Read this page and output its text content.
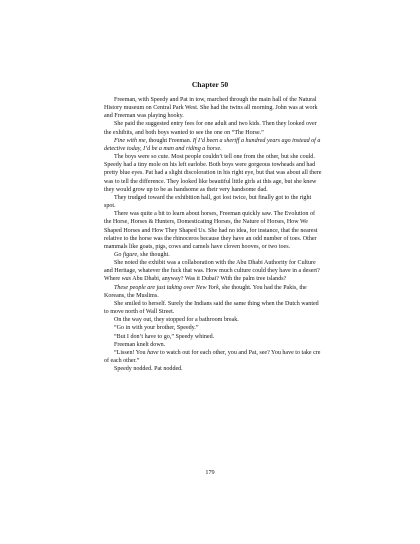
Chapter 50

Freeman, with Speedy and Pat in tow, marched through the main hall of the Natural History museum on Central Park West. She had the twins all morning. John was at work and Freeman was playing hooky.

She paid the suggested entry fees for one adult and two kids. Then they looked over the exhibits, and both boys wanted to see the one on “The Horse.”

Fine with me, thought Freeman. If I’d been a sheriff a hundred years ago instead of a detective today, I’d be a man and riding a horse.

The boys were so cute. Most people couldn’t tell one from the other, but she could. Speedy had a tiny mole on his left earlobe. Both boys were gorgeous towheads and had pretty blue eyes. Pat had a slight discoloration in his right eye, but that was about all there was to tell the difference. They looked like beautiful little girls at this age, but she knew they would grow up to be as handsome as their very handsome dad.

They trudged toward the exhibition hall, got lost twice, but finally got to the right spot.

There was quite a bit to learn about horses, Freeman quickly saw. The Evolution of the Horse, Horses & Hunters, Domesticating Horses, the Nature of Horses, How We Shaped Horses and How They Shaped Us. She had no idea, for instance, that the nearest relative to the horse was the rhinoceros because they have an odd number of toes. Other mammals like goats, pigs, cows and camels have cloven hooves, or two toes.

Go figure, she thought.

She noted the exhibit was a collaboration with the Abu Dhabi Authority for Culture and Heritage, whatever the fuck that was. How much culture could they have in a desert? Where was Abu Dhabi, anyway? Was it Dubai? With the palm tree islands?

These people are just taking over New York, she thought. You had the Pakis, the Koreans, the Muslims.

She smiled to herself. Surely the Indians said the same thing when the Dutch wanted to move north of Wall Street.

On the way out, they stopped for a bathroom break.

“Go in with your brother, Speedy.”

“But I don’t have to go,” Speedy whined.

Freeman knelt down.

“Lissen! You have to watch out for each other, you and Pat, see? You have to take cre of each other.”

Speedy nodded. Pat nodded.

179
